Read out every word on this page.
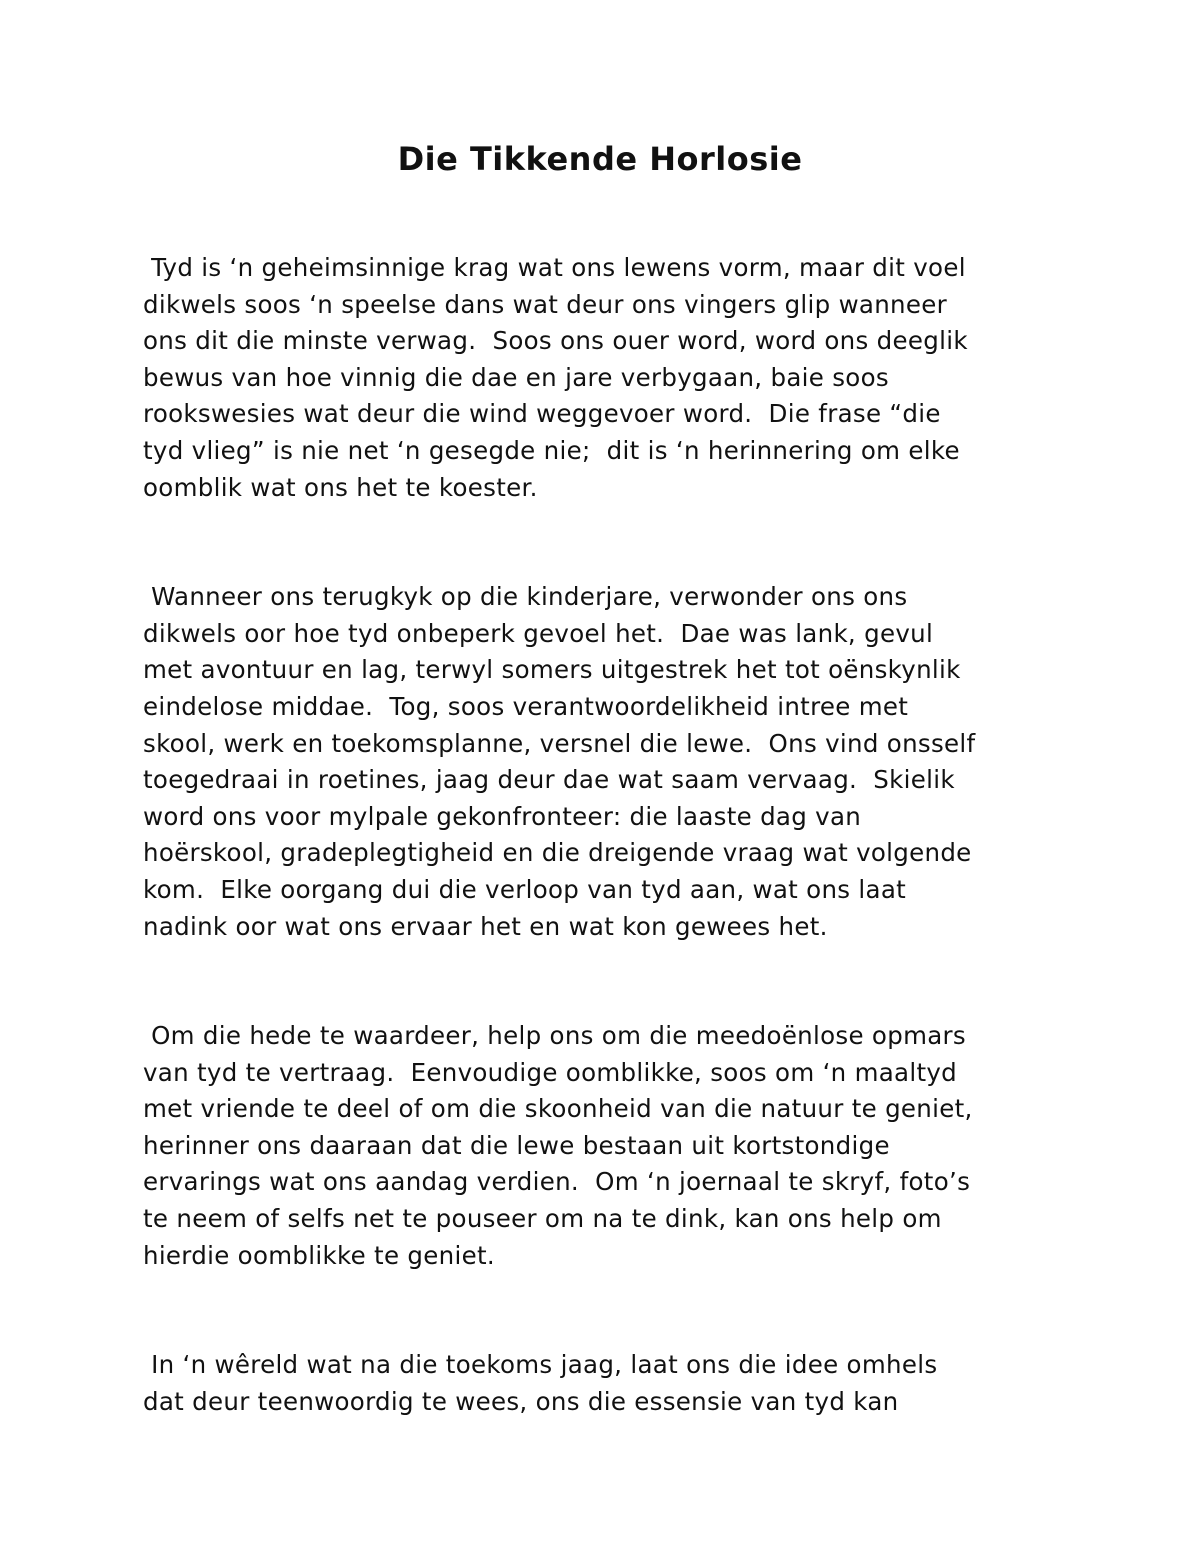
Die Tikkende Horlosie
Tyd is ‘n geheimsinnige krag wat ons lewens vorm, maar dit voel
dikwels soos ‘n speelse dans wat deur ons vingers glip wanneer
ons dit die minste verwag.  Soos ons ouer word, word ons deeglik
bewus van hoe vinnig die dae en jare verbygaan, baie soos
rookswesies wat deur die wind weggevoer word.  Die frase “die
tyd vlieg” is nie net ‘n gesegde nie;  dit is ‘n herinnering om elke
oomblik wat ons het te koester.
Wanneer ons terugkyk op die kinderjare, verwonder ons ons
dikwels oor hoe tyd onbeperk gevoel het.  Dae was lank, gevul
met avontuur en lag, terwyl somers uitgestrek het tot oënskynlik
eindelose middae.  Tog, soos verantwoordelikheid intree met
skool, werk en toekomsplanne, versnel die lewe.  Ons vind onsself
toegedraai in roetines, jaag deur dae wat saam vervaag.  Skielik
word ons voor mylpale gekonfronteer: die laaste dag van
hoërskool, gradeplegtigheid en die dreigende vraag wat volgende
kom.  Elke oorgang dui die verloop van tyd aan, wat ons laat
nadink oor wat ons ervaar het en wat kon gewees het.
Om die hede te waardeer, help ons om die meedoënlose opmars
van tyd te vertraag.  Eenvoudige oomblikke, soos om ‘n maaltyd
met vriende te deel of om die skoonheid van die natuur te geniet,
herinner ons daaraan dat die lewe bestaan uit kortstondige
ervarings wat ons aandag verdien.  Om ‘n joernaal te skryf, foto’s
te neem of selfs net te pouseer om na te dink, kan ons help om
hierdie oomblikke te geniet.
In ‘n wêreld wat na die toekoms jaag, laat ons die idee omhels
dat deur teenwoordig te wees, ons die essensie van tyd kan
